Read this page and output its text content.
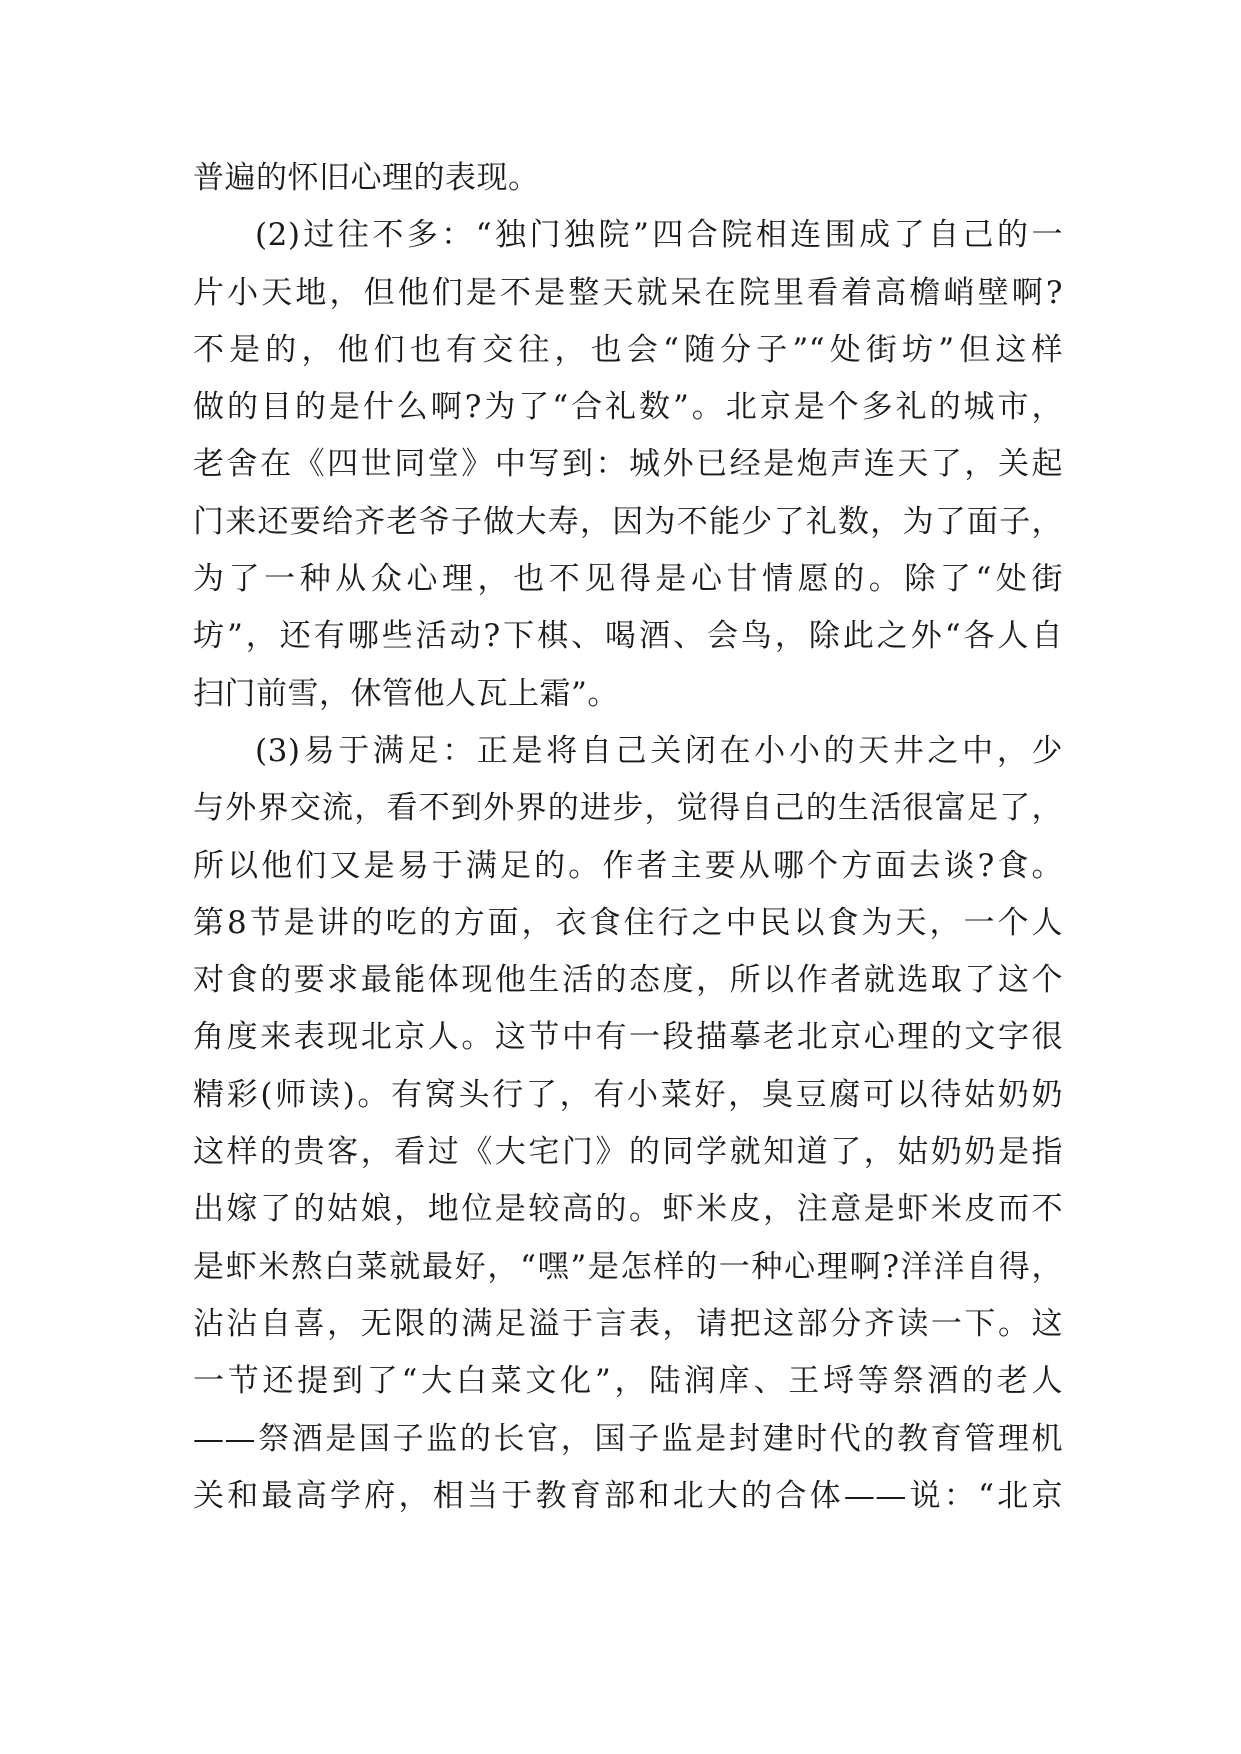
普遍的怀旧心理的表现。
(2)过往不多：“独门独院”四合院相连围成了自己的一
片小天地，但他们是不是整天就呆在院里看着高檐峭壁啊?
不是的，他们也有交往，也会“随分子”“处街坊”但这样
做的目的是什么啊?为了“合礼数”。北京是个多礼的城市，
老舍在《四世同堂》中写到：城外已经是炮声连天了，关起
门来还要给齐老爷子做大寿，因为不能少了礼数，为了面子，
为了一种从众心理，也不见得是心甘情愿的。除了“处街
坊”，还有哪些活动?下棋、喝酒、会鸟，除此之外“各人自
扫门前雪，休管他人瓦上霜”。
(3)易于满足：正是将自己关闭在小小的天井之中，少
与外界交流，看不到外界的进步，觉得自己的生活很富足了，
所以他们又是易于满足的。作者主要从哪个方面去谈?食。
第8节是讲的吃的方面，衣食住行之中民以食为天，一个人
对食的要求最能体现他生活的态度，所以作者就选取了这个
角度来表现北京人。这节中有一段描摹老北京心理的文字很
精彩(师读)。有窝头行了，有小菜好，臭豆腐可以待姑奶奶
这样的贵客，看过《大宅门》的同学就知道了，姑奶奶是指
出嫁了的姑娘，地位是较高的。虾米皮，注意是虾米皮而不
是虾米熬白菜就最好，“嘿”是怎样的一种心理啊?洋洋自得，
沾沾自喜，无限的满足溢于言表，请把这部分齐读一下。这
一节还提到了“大白菜文化”，陆润庠、王埒等祭酒的老人
——祭酒是国子监的长官，国子监是封建时代的教育管理机
关和最高学府，相当于教育部和北大的合体——说：“北京
